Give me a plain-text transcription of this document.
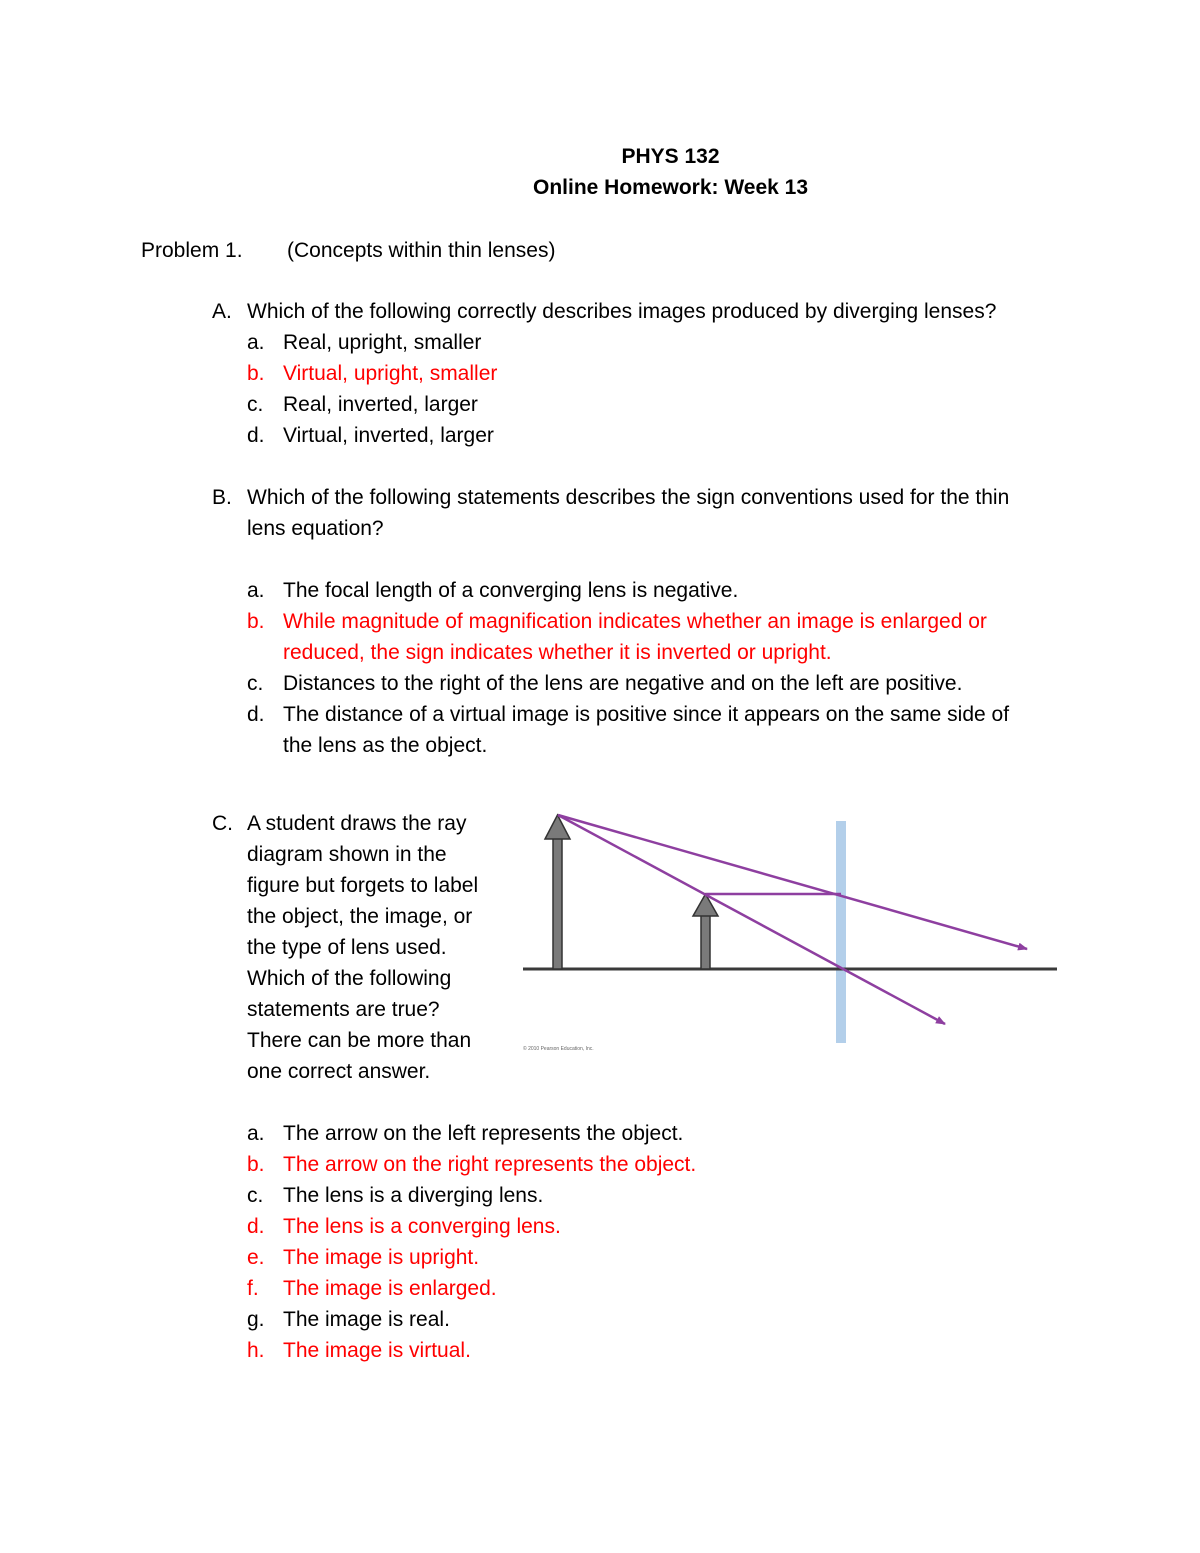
PHYS 132
Online Homework: Week 13
Problem 1. (Concepts within thin lenses)
A. Which of the following correctly describes images produced by diverging lenses?
a. Real, upright, smaller
b. Virtual, upright, smaller
c. Real, inverted, larger
d. Virtual, inverted, larger
B. Which of the following statements describes the sign conventions used for the thin
lens equation?
a. The focal length of a converging lens is negative.
b. While magnitude of magnification indicates whether an image is enlarged or
reduced, the sign indicates whether it is inverted or upright.
c. Distances to the right of the lens are negative and on the left are positive.
d. The distance of a virtual image is positive since it appears on the same side of
the lens as the object.
C. A student draws the ray
diagram shown in the
figure but forgets to label
the object, the image, or
the type of lens used.
Which of the following
statements are true?
There can be more than
one correct answer.
© 2010 Pearson Education, Inc.
a. The arrow on the left represents the object.
b. The arrow on the right represents the object.
c. The lens is a diverging lens.
d. The lens is a converging lens.
e. The image is upright.
f. The image is enlarged.
g. The image is real.
h. The image is virtual.
